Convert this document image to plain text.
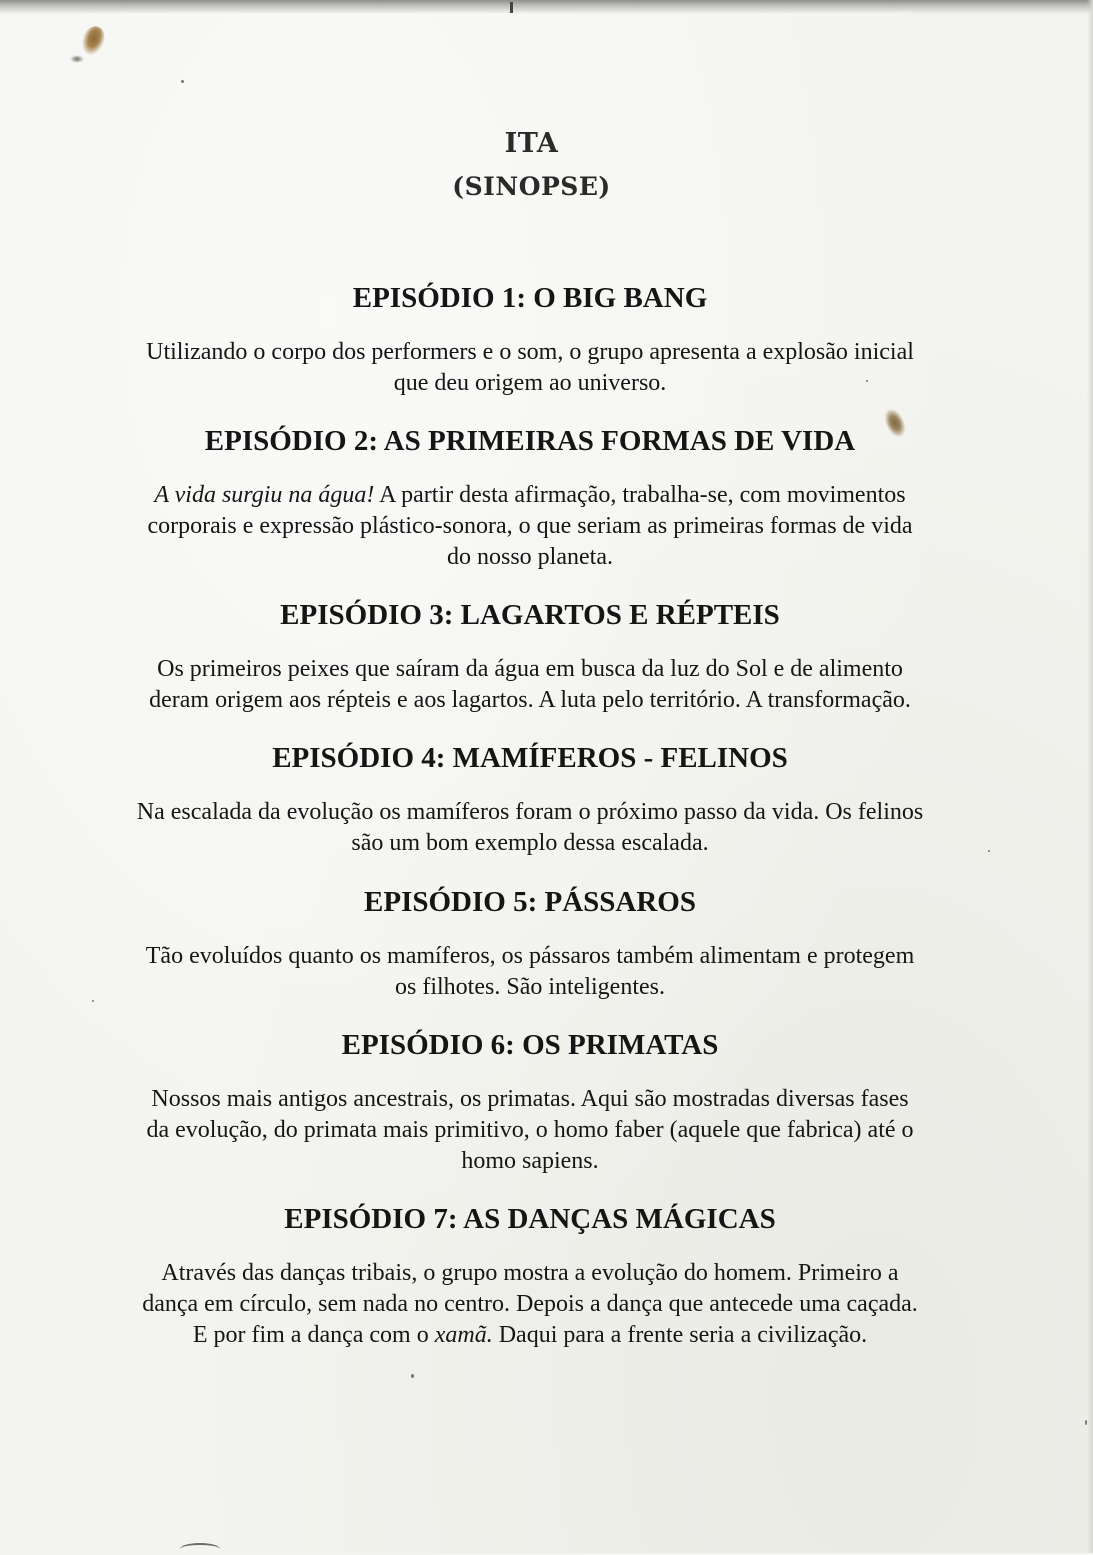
ITA
(SINOPSE)
EPISÓDIO 1: O BIG BANG

Utilizando o corpo dos performers e o som, o grupo apresenta a explosão inicial
que deu origem ao universo.

EPISÓDIO 2: AS PRIMEIRAS FORMAS DE VIDA

A vida surgiu na água! A partir desta afirmação, trabalha-se, com movimentos
corporais e expressão plástico-sonora, o que seriam as primeiras formas de vida
do nosso planeta.

EPISÓDIO 3: LAGARTOS E RÉPTEIS

Os primeiros peixes que saíram da água em busca da luz do Sol e de alimento
deram origem aos répteis e aos lagartos. A luta pelo território. A transformação.

EPISÓDIO 4: MAMÍFEROS - FELINOS

Na escalada da evolução os mamíferos foram o próximo passo da vida. Os felinos
são um bom exemplo dessa escalada.

EPISÓDIO 5: PÁSSAROS

Tão evoluídos quanto os mamíferos, os pássaros também alimentam e protegem
os filhotes. São inteligentes.

EPISÓDIO 6: OS PRIMATAS

Nossos mais antigos ancestrais, os primatas. Aqui são mostradas diversas fases
da evolução, do primata mais primitivo, o homo faber (aquele que fabrica) até o
homo sapiens.

EPISÓDIO 7: AS DANÇAS MÁGICAS

Através das danças tribais, o grupo mostra a evolução do homem. Primeiro a
dança em círculo, sem nada no centro. Depois a dança que antecede uma caçada.
E por fim a dança com o xamã. Daqui para a frente seria a civilização.
